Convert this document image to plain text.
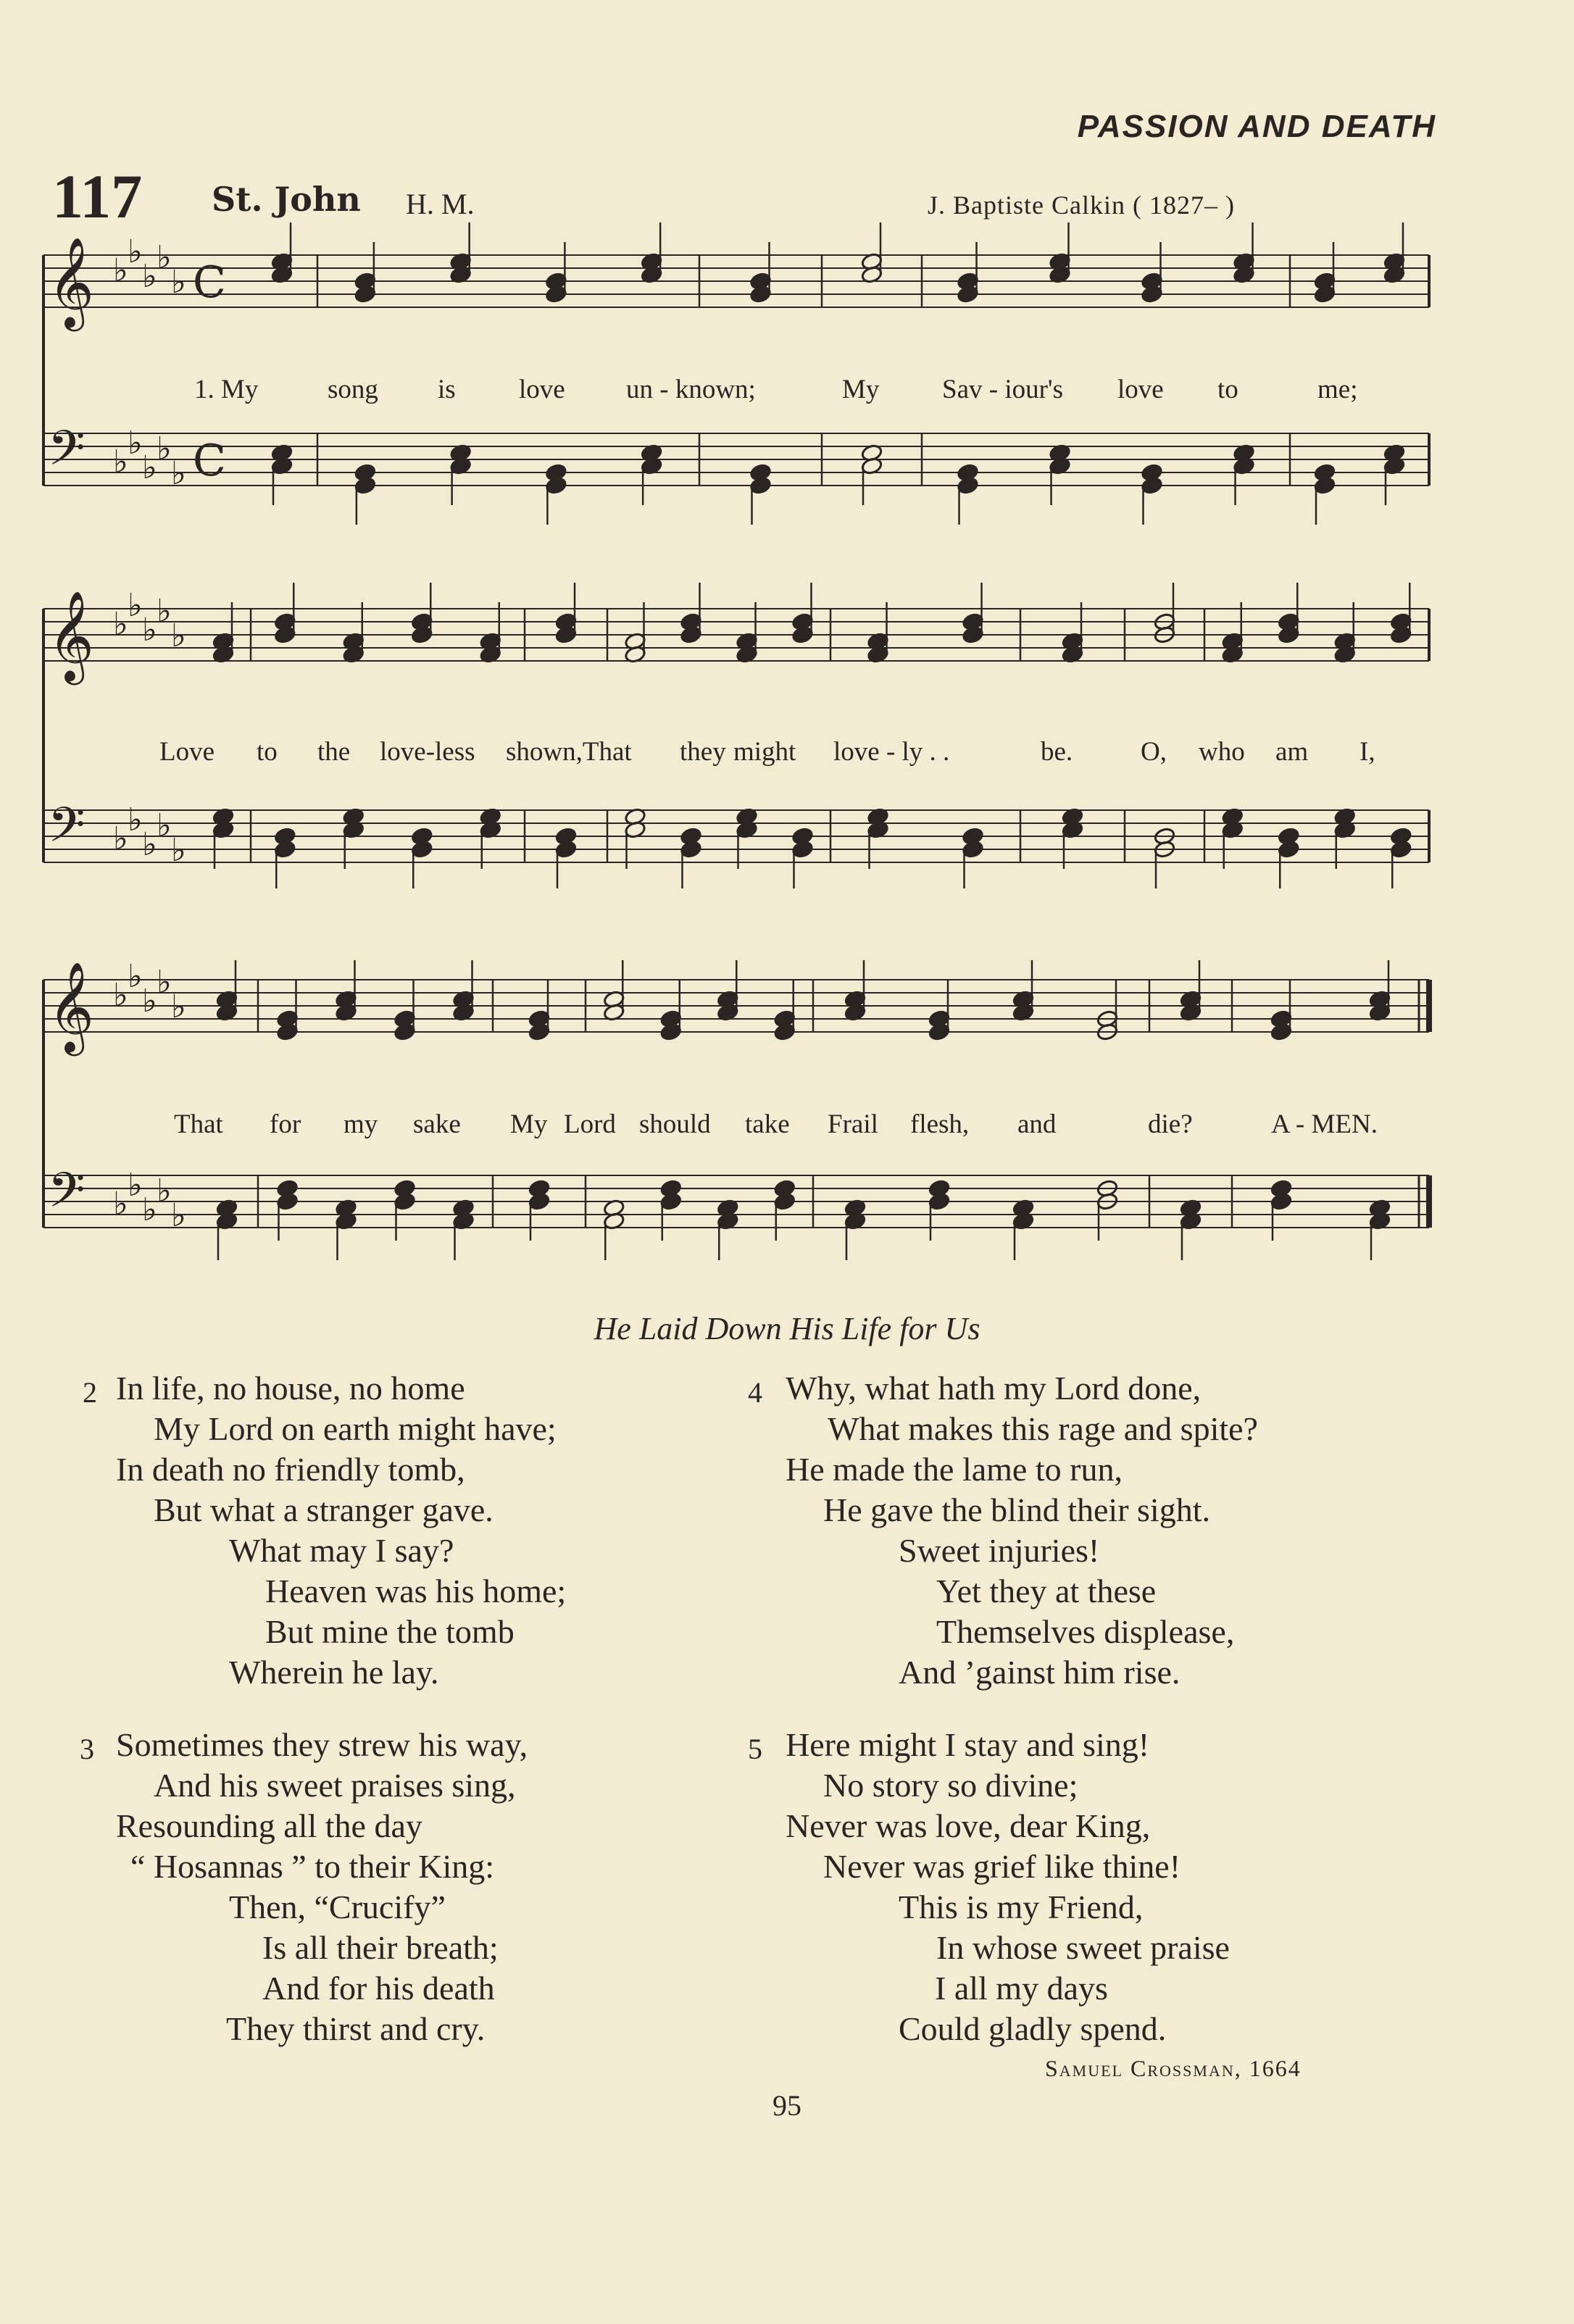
PASSION AND DEATH
117 St. John H. M.	J. Baptiste Calkin ( 1827– )
𝄞 ♭
♭
♭
♭
♭ C
𝄢 ♭
♭
♭
♭
♭ C
𝄞 ♭
♭
♭
♭
♭
𝄢 ♭
♭
♭
♭
♭
𝄞 ♭
♭
♭
♭
♭
𝄢 ♭
♭
♭
♭
♭
1. My	song is love un - known;	My Sav - iour's love to	me;
Love to the love-less shown,That they might love - ly . .	be.	O, who am I,
That for my sake My Lord should take Frail flesh, and	die?	A - MEN.
He Laid Down His Life for Us
2 In life, no house, no home
My Lord on earth might have;
In death no friendly tomb,
But what a stranger gave.
What may I say?
Heaven was his home;
But mine the tomb
Wherein he lay.
3 Sometimes they strew his way,
And his sweet praises sing,
Resounding all the day
“ Hosannas ” to their King:
Then, “Crucify”
Is all their breath;
And for his death
They thirst and cry.
4 Why, what hath my Lord done,
What makes this rage and spite?
He made the lame to run,
He gave the blind their sight.
Sweet injuries!
Yet they at these
Themselves displease,
And ’gainst him rise.
5 Here might I stay and sing!
No story so divine;
Never was love, dear King,
Never was grief like thine!
This is my Friend,
In whose sweet praise
I all my days
Could gladly spend.
Samuel Crossman, 1664
95
